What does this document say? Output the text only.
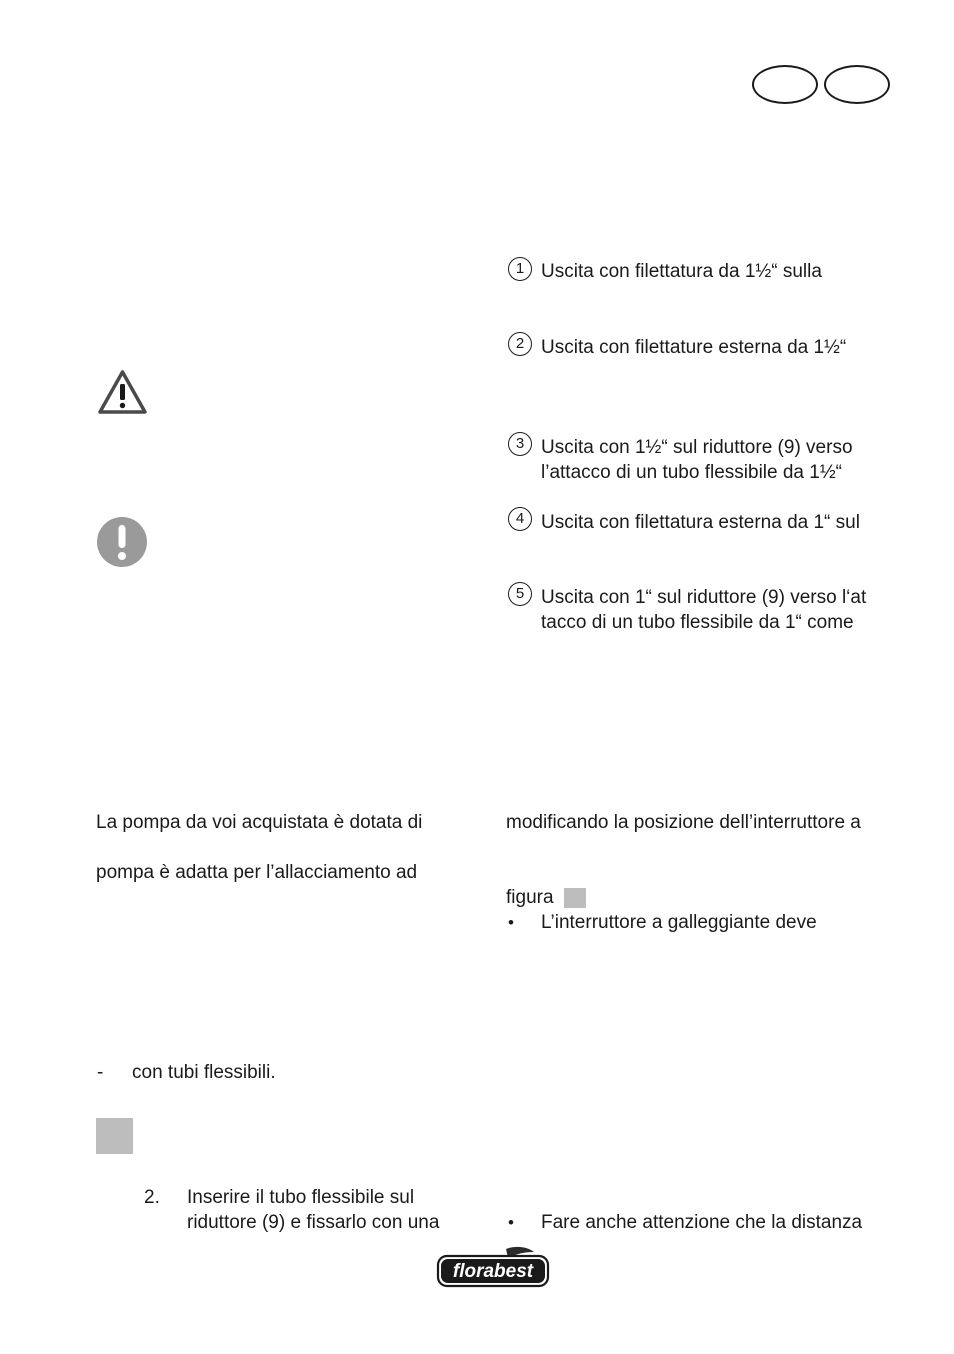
1 Uscita con filettatura da 1½“ sulla
2 Uscita con filettature esterna da 1½“
3 Uscita con 1½“ sul riduttore (9) verso
l’attacco di un tubo flessibile da 1½“
4 Uscita con filettatura esterna da 1“ sul
5 Uscita con 1“ sul riduttore (9) verso l‘at
tacco di un tubo flessibile da 1“ come
La pompa da voi acquistata è dotata di
pompa è adatta per l’allacciamento ad
modificando la posizione dell’interruttore a
figura
• L’interruttore a galleggiante deve
• Fare anche attenzione che la distanza
- con tubi flessibili.
2. Inserire il tubo flessibile sul
riduttore (9) e fissarlo con una
florabest
